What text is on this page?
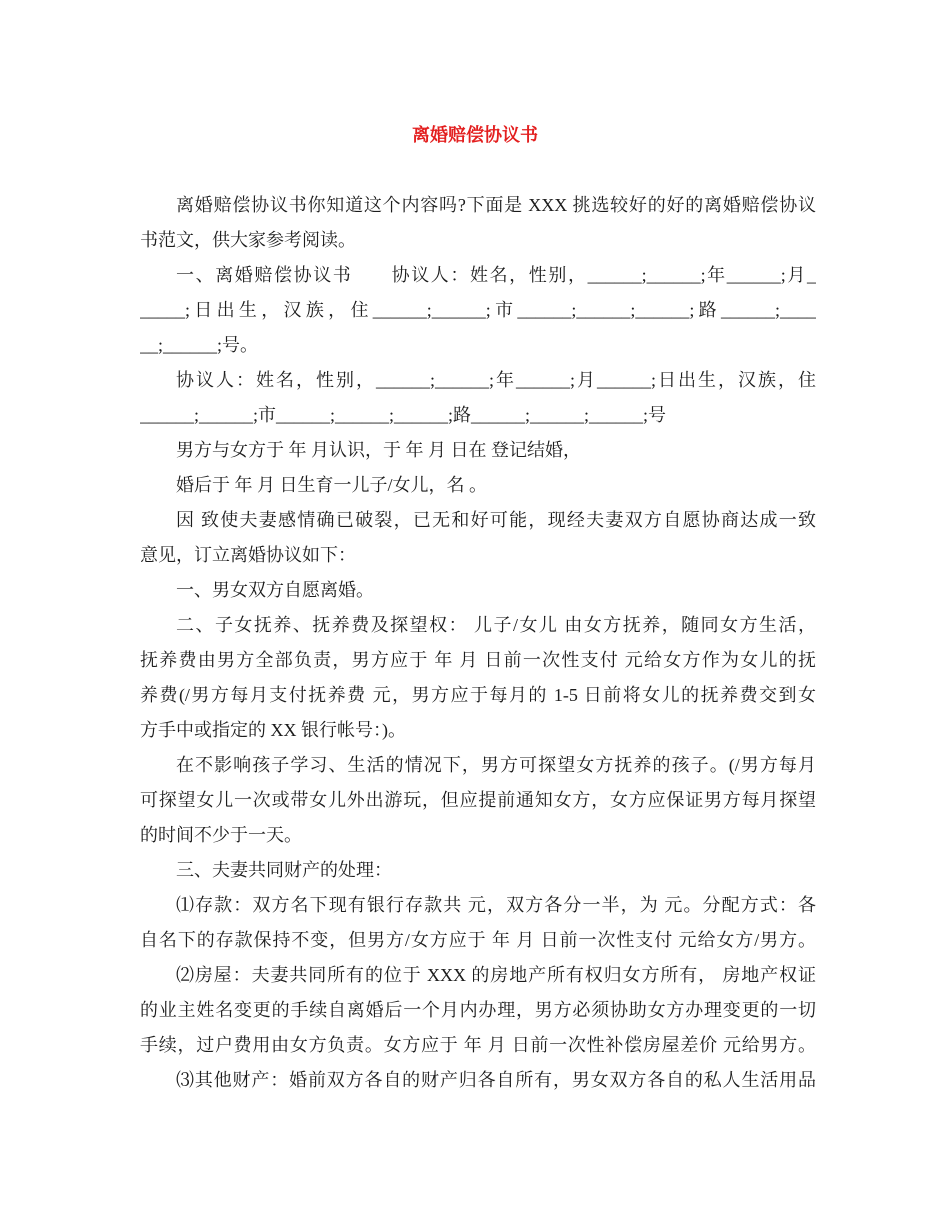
离婚赔偿协议书
离婚赔偿协议书你知道这个内容吗?下面是 XXX 挑选较好的好的离婚赔偿协议
书范文，供大家参考阅读。
一、离婚赔偿协议书　　协议人：姓名，性别，______;______;年______;月_
_____;日出生，汉族，住______;______;市______;______;______;路______;____
__;______;号。
协议人：姓名，性别，______;______;年______;月______;日出生，汉族，住
______;______;市______;______;______;路______;______;______;号
男方与女方于 年 月认识，于 年 月 日在 登记结婚，
婚后于 年 月 日生育一儿子/女儿，名 。
因 致使夫妻感情确已破裂，已无和好可能，现经夫妻双方自愿协商达成一致
意见，订立离婚协议如下：
一、男女双方自愿离婚。
二、子女抚养、抚养费及探望权： 儿子/女儿 由女方抚养，随同女方生活，
抚养费由男方全部负责，男方应于 年 月 日前一次性支付 元给女方作为女儿的抚
养费(/男方每月支付抚养费 元，男方应于每月的 1-5 日前将女儿的抚养费交到女
方手中或指定的 XX 银行帐号：)。
在不影响孩子学习、生活的情况下，男方可探望女方抚养的孩子。(/男方每月
可探望女儿一次或带女儿外出游玩，但应提前通知女方，女方应保证男方每月探望
的时间不少于一天。
三、夫妻共同财产的处理：
⑴存款：双方名下现有银行存款共 元，双方各分一半，为 元。分配方式：各
自名下的存款保持不变，但男方/女方应于 年 月 日前一次性支付 元给女方/男方。
⑵房屋：夫妻共同所有的位于 XXX 的房地产所有权归女方所有， 房地产权证
的业主姓名变更的手续自离婚后一个月内办理，男方必须协助女方办理变更的一切
手续，过户费用由女方负责。女方应于 年 月 日前一次性补偿房屋差价 元给男方。
⑶其他财产：婚前双方各自的财产归各自所有，男女双方各自的私人生活用品
